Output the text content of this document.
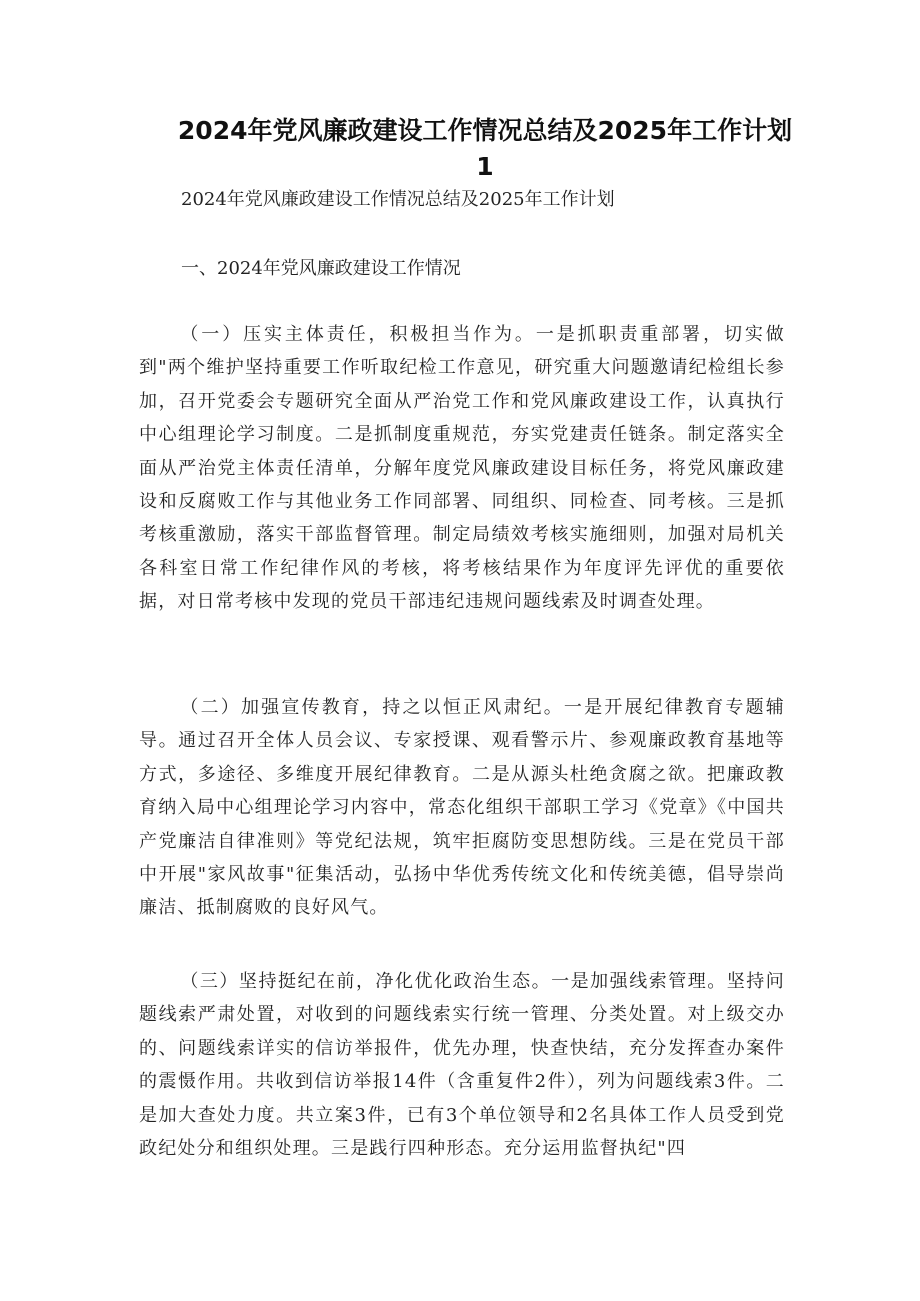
2024年党风廉政建设工作情况总结及2025年工作计划1

2024年党风廉政建设工作情况总结及2025年工作计划

一、2024年党风廉政建设工作情况

（一）压实主体责任，积极担当作为。一是抓职责重部署，切实做到"两个维护坚持重要工作听取纪检工作意见，研究重大问题邀请纪检组长参加，召开党委会专题研究全面从严治党工作和党风廉政建设工作，认真执行中心组理论学习制度。二是抓制度重规范，夯实党建责任链条。制定落实全面从严治党主体责任清单，分解年度党风廉政建设目标任务，将党风廉政建设和反腐败工作与其他业务工作同部署、同组织、同检查、同考核。三是抓考核重激励，落实干部监督管理。制定局绩效考核实施细则，加强对局机关各科室日常工作纪律作风的考核，将考核结果作为年度评先评优的重要依据，对日常考核中发现的党员干部违纪违规问题线索及时调查处理。

（二）加强宣传教育，持之以恒正风肃纪。一是开展纪律教育专题辅导。通过召开全体人员会议、专家授课、观看警示片、参观廉政教育基地等方式，多途径、多维度开展纪律教育。二是从源头杜绝贪腐之欲。把廉政教育纳入局中心组理论学习内容中，常态化组织干部职工学习《党章》《中国共产党廉洁自律准则》等党纪法规，筑牢拒腐防变思想防线。三是在党员干部中开展"家风故事"征集活动，弘扬中华优秀传统文化和传统美德，倡导崇尚廉洁、抵制腐败的良好风气。

（三）坚持挺纪在前，净化优化政治生态。一是加强线索管理。坚持问题线索严肃处置，对收到的问题线索实行统一管理、分类处置。对上级交办的、问题线索详实的信访举报件，优先办理，快查快结，充分发挥查办案件的震慑作用。共收到信访举报14件（含重复件2件），列为问题线索3件。二是加大查处力度。共立案3件，已有3个单位领导和2名具体工作人员受到党政纪处分和组织处理。三是践行四种形态。充分运用监督执纪"四
